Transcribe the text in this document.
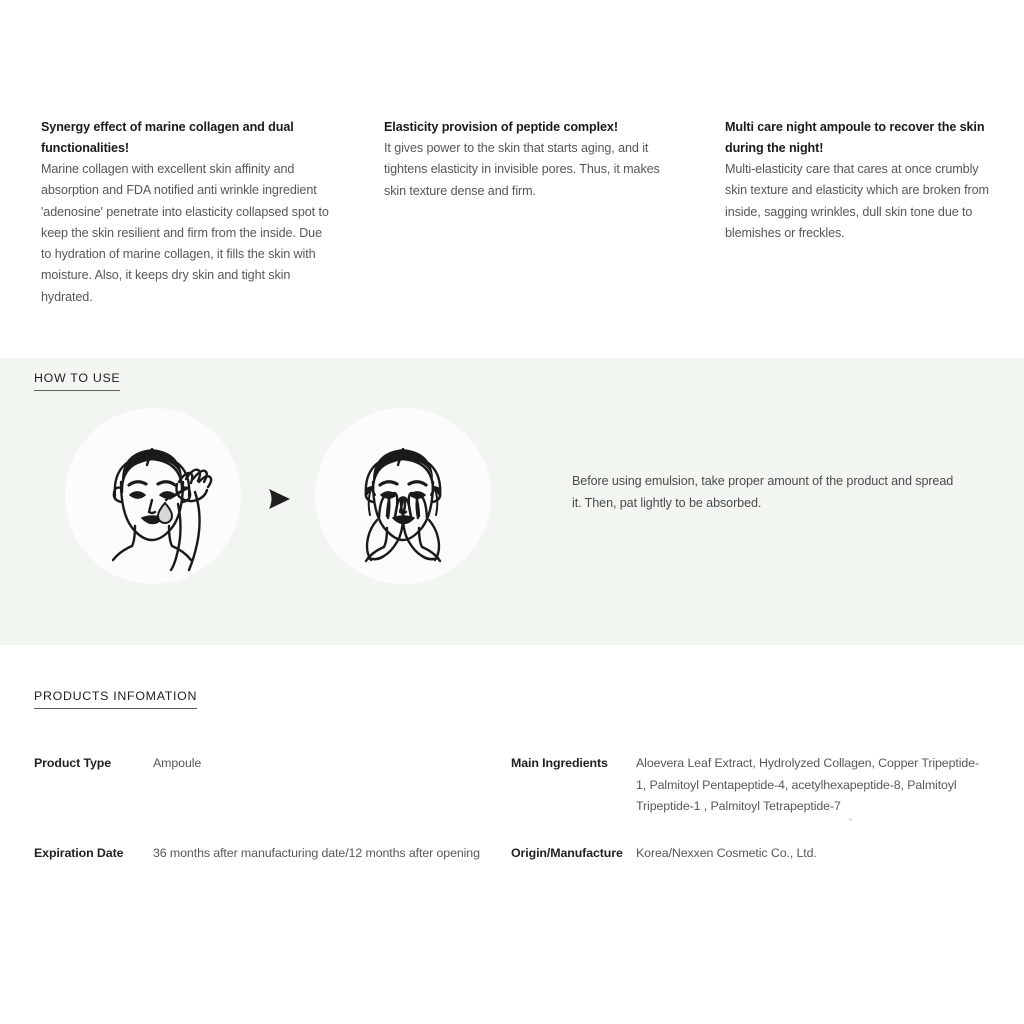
Synergy effect of marine collagen and dual functionalities!

Marine collagen with excellent skin affinity and absorption and FDA notified anti wrinkle ingredient 'adenosine' penetrate into elasticity collapsed spot to keep the skin resilient and firm from the inside. Due to hydration of marine collagen, it fills the skin with moisture. Also, it keeps dry skin and tight skin hydrated.

Elasticity provision of peptide complex!

It gives power to the skin that starts aging, and it tightens elasticity in invisible pores. Thus, it makes skin texture dense and firm.

Multi care night ampoule to recover the skin during the night!

Multi-elasticity care that cares at once crumbly skin texture and elasticity which are broken from inside, sagging wrinkles, dull skin tone due to blemishes or freckles.

HOW TO USE
Before using emulsion, take proper amount of the product and spread it. Then, pat lightly to be absorbed.
PRODUCTS INFOMATION
Product Type	Ampoule	Main Ingredients	Aloevera Leaf Extract, Hydrolyzed Collagen, Copper Tripeptide-1, Palmitoyl Pentapeptide-4, acetylhexapeptide-8, Palmitoyl Tripeptide-1 , Palmitoyl Tetrapeptide-7
Expiration Date	36 months after manufacturing date/12 months after opening	Origin/Manufacture	Korea/Nexxen Cosmetic Co., Ltd.
